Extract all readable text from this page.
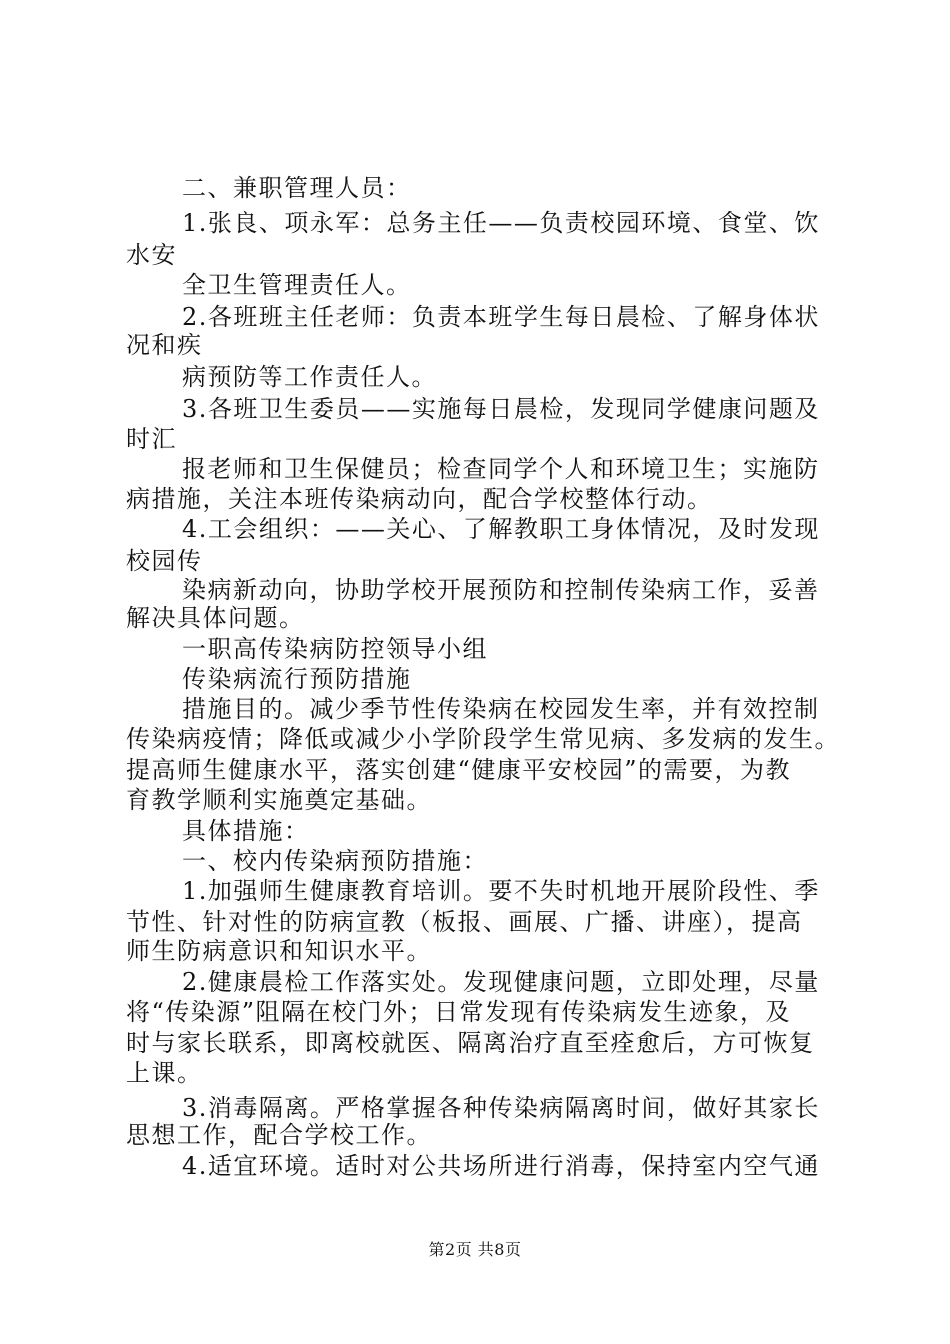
二、兼职管理人员：
1.张良、项永军：总务主任——负责校园环境、食堂、饮
水安
全卫生管理责任人。
2.各班班主任老师：负责本班学生每日晨检、了解身体状
况和疾
病预防等工作责任人。
3.各班卫生委员——实施每日晨检，发现同学健康问题及
时汇
报老师和卫生保健员；检查同学个人和环境卫生；实施防
病措施，关注本班传染病动向，配合学校整体行动。
4.工会组织：——关心、了解教职工身体情况，及时发现
校园传
染病新动向，协助学校开展预防和控制传染病工作，妥善
解决具体问题。
一职高传染病防控领导小组
传染病流行预防措施
措施目的。减少季节性传染病在校园发生率，并有效控制
传染病疫情；降低或减少小学阶段学生常见病、多发病的发生。
提高师生健康水平，落实创建“健康平安校园”的需要，为教
育教学顺利实施奠定基础。
具体措施：
一、校内传染病预防措施：
1.加强师生健康教育培训。要不失时机地开展阶段性、季
节性、针对性的防病宣教（板报、画展、广播、讲座），提高
师生防病意识和知识水平。
2.健康晨检工作落实处。发现健康问题，立即处理，尽量
将“传染源”阻隔在校门外；日常发现有传染病发生迹象，及
时与家长联系，即离校就医、隔离治疗直至痊愈后，方可恢复
上课。
3.消毒隔离。严格掌握各种传染病隔离时间，做好其家长
思想工作，配合学校工作。
4.适宜环境。适时对公共场所进行消毒，保持室内空气通
第2页 共8页
